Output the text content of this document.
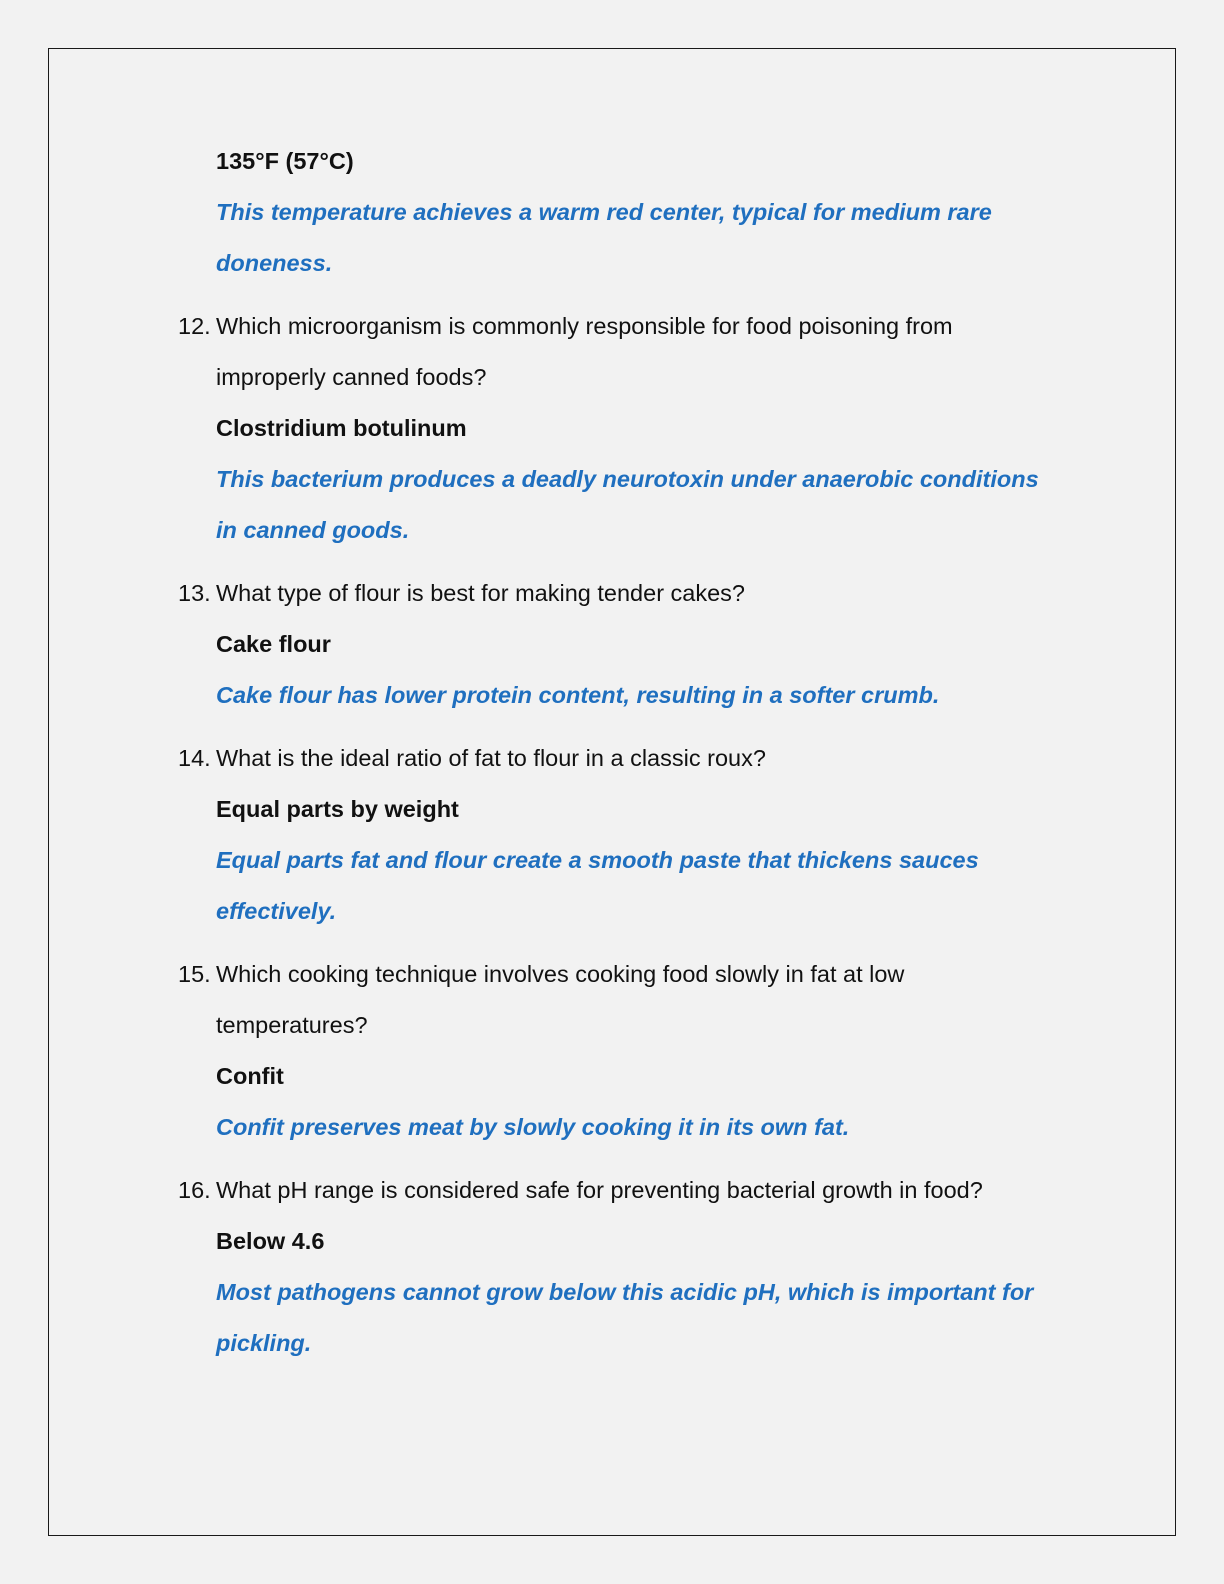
135°F (57°C)
This temperature achieves a warm red center, typical for medium rare
doneness.
12. Which microorganism is commonly responsible for food poisoning from
improperly canned foods?
Clostridium botulinum
This bacterium produces a deadly neurotoxin under anaerobic conditions
in canned goods.
13. What type of flour is best for making tender cakes?
Cake flour
Cake flour has lower protein content, resulting in a softer crumb.
14. What is the ideal ratio of fat to flour in a classic roux?
Equal parts by weight
Equal parts fat and flour create a smooth paste that thickens sauces
effectively.
15. Which cooking technique involves cooking food slowly in fat at low
temperatures?
Confit
Confit preserves meat by slowly cooking it in its own fat.
16. What pH range is considered safe for preventing bacterial growth in food?
Below 4.6
Most pathogens cannot grow below this acidic pH, which is important for
pickling.
